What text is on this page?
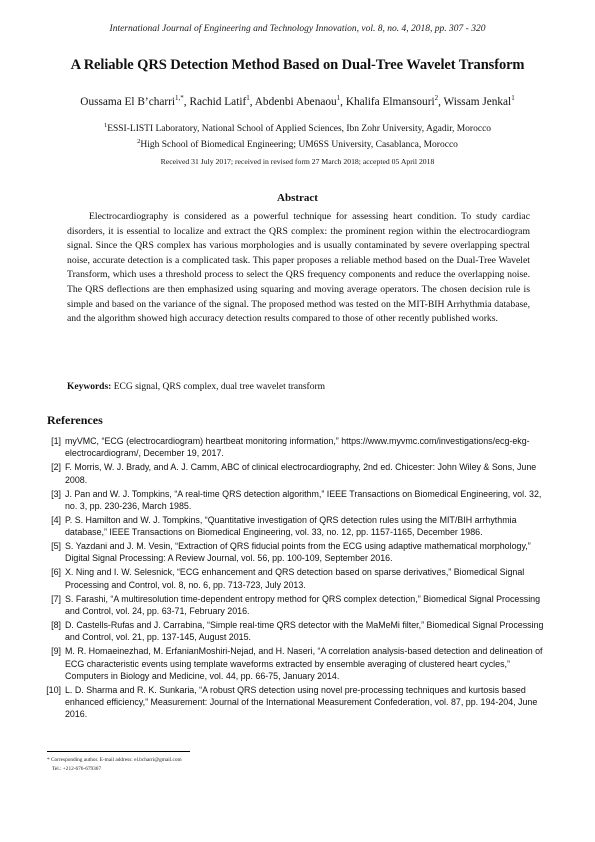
International Journal of Engineering and Technology Innovation, vol. 8, no. 4, 2018, pp. 307 - 320
A Reliable QRS Detection Method Based on Dual-Tree Wavelet Transform
Oussama El B’charri$^{1,*}$, Rachid Latif$^1$, Abdenbi Abenaou$^1$, Khalifa Elmansouri$^2$, Wissam Jenkal$^1$
$^1$ESSI-LISTI Laboratory, National School of Applied Sciences, Ibn Zohr University, Agadir, Morocco
$^2$High School of Biomedical Engineering; UM6SS University, Casablanca, Morocco
Received 31 July 2017; received in revised form 27 March 2018; accepted 05 April 2018
Abstract

Electrocardiography is considered as a powerful technique for assessing heart condition. To study cardiac disorders, it is essential to localize and extract the QRS complex: the prominent region within the electrocardiogram signal. Since the QRS complex has various morphologies and is usually contaminated by severe overlapping spectral noise, accurate detection is a complicated task. This paper proposes a reliable method based on the Dual-Tree Wavelet Transform, which uses a threshold process to select the QRS frequency components and reduce the overlapping noise. The QRS deflections are then emphasized using squaring and moving average operators. The chosen decision rule is simple and based on the variance of the signal. The proposed method was tested on the MIT-BIH Arrhythmia database, and the algorithm showed high accuracy detection results compared to those of other recently published works.

Keywords: ECG signal, QRS complex, dual tree wavelet transform
References
[1] myVMC, “ECG (electrocardiogram) heartbeat monitoring information,” https://www.myvmc.com/investigations/ecg-ekg-electrocardiogram/, December 19, 2017.
[2] F. Morris, W. J. Brady, and A. J. Camm, ABC of clinical electrocardiography, 2nd ed. Chicester: John Wiley & Sons, June 2008.
[3] J. Pan and W. J. Tompkins, “A real-time QRS detection algorithm,” IEEE Transactions on Biomedical Engineering, vol. 32, no. 3, pp. 230-236, March 1985.
[4] P. S. Hamilton and W. J. Tompkins, “Quantitative investigation of QRS detection rules using the MIT/BIH arrhythmia database,” IEEE Transactions on Biomedical Engineering, vol. 33, no. 12, pp. 1157-1165, December 1986.
[5] S. Yazdani and J. M. Vesin, “Extraction of QRS fiducial points from the ECG using adaptive mathematical morphology,” Digital Signal Processing: A Review Journal, vol. 56, pp. 100-109, September 2016.
[6] X. Ning and I. W. Selesnick, “ECG enhancement and QRS detection based on sparse derivatives,” Biomedical Signal Processing and Control, vol. 8, no. 6, pp. 713-723, July 2013.
[7] S. Farashi, “A multiresolution time-dependent entropy method for QRS complex detection,” Biomedical Signal Processing and Control, vol. 24, pp. 63-71, February 2016.
[8] D. Castells-Rufas and J. Carrabina, “Simple real-time QRS detector with the MaMeMi filter,” Biomedical Signal Processing and Control, vol. 21, pp. 137-145, August 2015.
[9] M. R. Homaeinezhad, M. ErfanianMoshiri-Nejad, and H. Naseri, “A correlation analysis-based detection and delineation of ECG characteristic events using template waveforms extracted by ensemble averaging of clustered heart cycles,” Computers in Biology and Medicine, vol. 44, pp. 66-75, January 2014.
[10] L. D. Sharma and R. K. Sunkaria, “A robust QRS detection using novel pre-processing techniques and kurtosis based enhanced efficiency,” Measurement: Journal of the International Measurement Confederation, vol. 87, pp. 194-204, June 2016.
* Corresponding author. E-mail address: el.bcharri@gmail.com
Tel.: +212-676-679367
